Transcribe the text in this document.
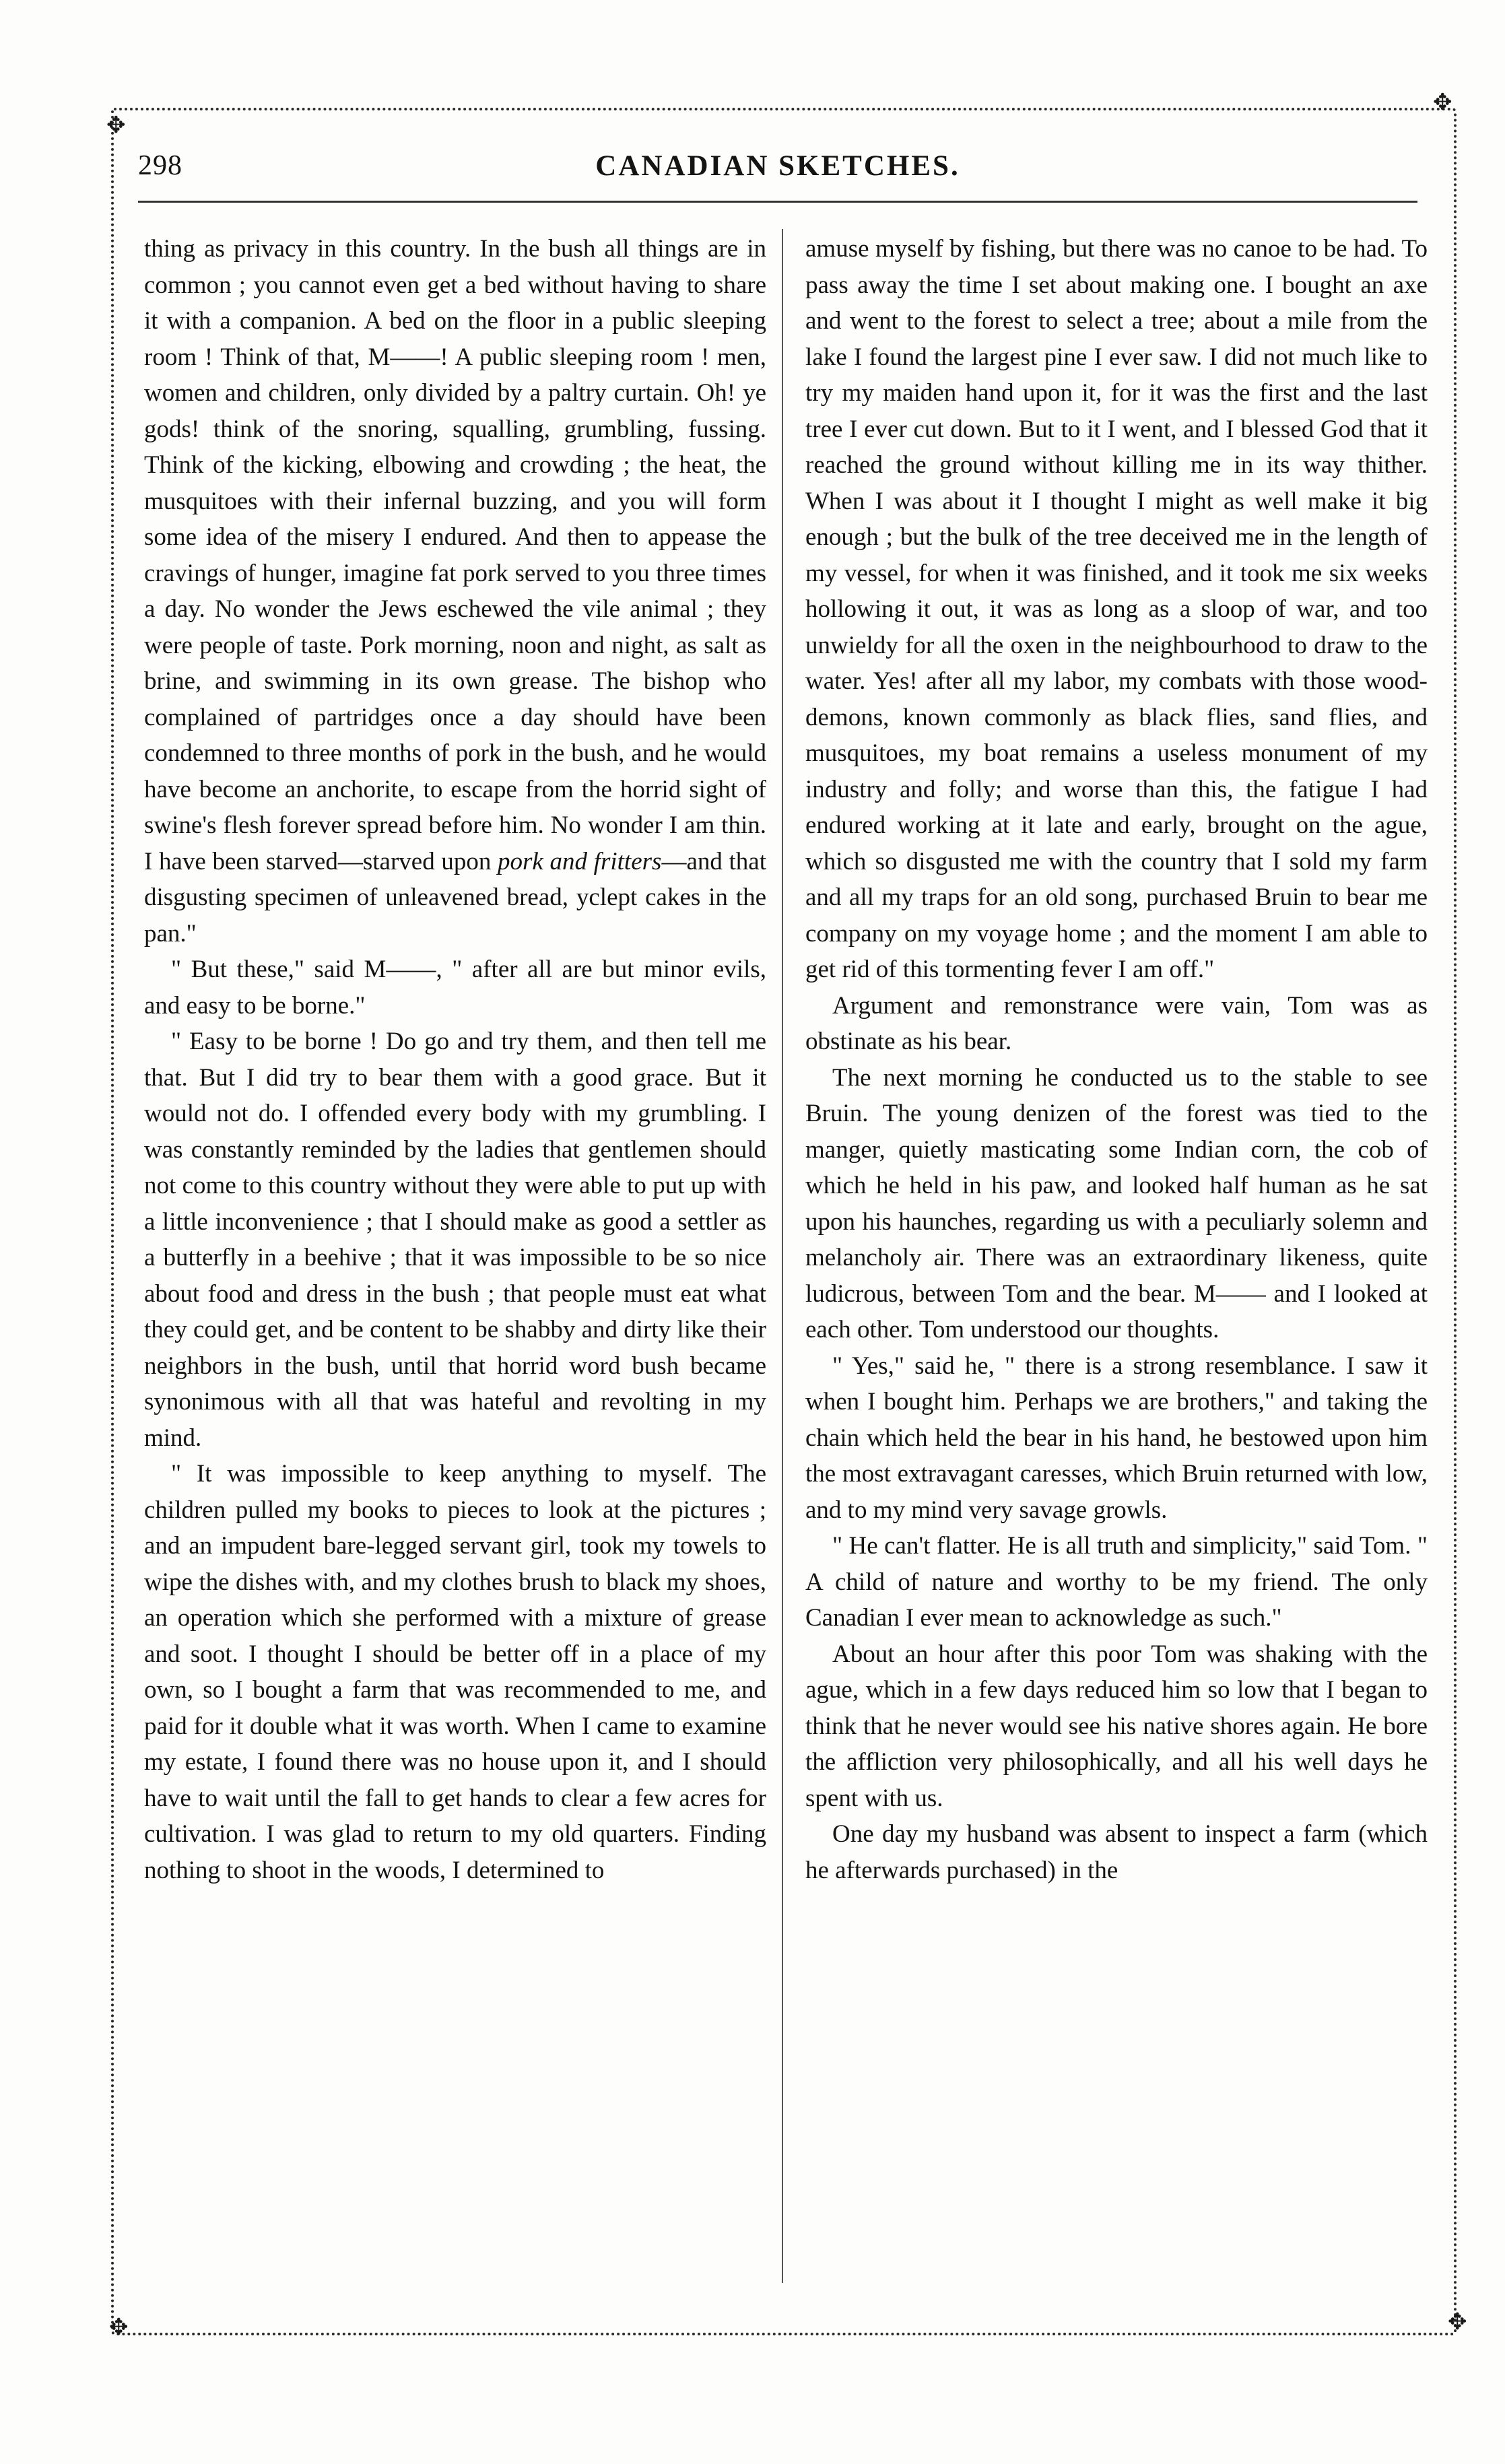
✥
✥
✥	✥
298	CANADIAN SKETCHES.

thing as privacy in this country. In the bush all things are in common ; you cannot even get a bed without having to share it with a companion. A bed on the floor in a public sleeping room ! Think of that, M——! A public sleeping room ! men, women and children, only divided by a paltry curtain. Oh! ye gods! think of the snoring, squalling, grumbling, fussing. Think of the kicking, elbowing and crowding ; the heat, the musquitoes with their infernal buzzing, and you will form some idea of the misery I endured. And then to appease the cravings of hunger, imagine fat pork served to you three times a day. No wonder the Jews eschewed the vile animal ; they were people of taste. Pork morning, noon and night, as salt as brine, and swimming in its own grease. The bishop who complained of partridges once a day should have been condemned to three months of pork in the bush, and he would have become an anchorite, to escape from the horrid sight of swine's flesh forever spread before him. No wonder I am thin. I have been starved—starved upon pork and fritters—and that disgusting specimen of unleavened bread, yclept cakes in the pan."

" But these," said M——, " after all are but minor evils, and easy to be borne."

" Easy to be borne ! Do go and try them, and then tell me that. But I did try to bear them with a good grace. But it would not do. I offended every body with my grumbling. I was constantly reminded by the ladies that gentlemen should not come to this country without they were able to put up with a little inconvenience ; that I should make as good a settler as a butterfly in a beehive ; that it was impossible to be so nice about food and dress in the bush ; that people must eat what they could get, and be content to be shabby and dirty like their neighbors in the bush, until that horrid word bush became synonimous with all that was hateful and revolting in my mind.

" It was impossible to keep anything to myself. The children pulled my books to pieces to look at the pictures ; and an impudent bare-legged servant girl, took my towels to wipe the dishes with, and my clothes brush to black my shoes, an operation which she performed with a mixture of grease and soot. I thought I should be better off in a place of my own, so I bought a farm that was recommended to me, and paid for it double what it was worth. When I came to examine my estate, I found there was no house upon it, and I should have to wait until the fall to get hands to clear a few acres for cultivation. I was glad to return to my old quarters. Finding nothing to shoot in the woods, I determined to

amuse myself by fishing, but there was no canoe to be had. To pass away the time I set about making one. I bought an axe and went to the forest to select a tree; about a mile from the lake I found the largest pine I ever saw. I did not much like to try my maiden hand upon it, for it was the first and the last tree I ever cut down. But to it I went, and I blessed God that it reached the ground without killing me in its way thither. When I was about it I thought I might as well make it big enough ; but the bulk of the tree deceived me in the length of my vessel, for when it was finished, and it took me six weeks hollowing it out, it was as long as a sloop of war, and too unwieldy for all the oxen in the neighbourhood to draw to the water. Yes! after all my labor, my combats with those wood-demons, known commonly as black flies, sand flies, and musquitoes, my boat remains a useless monument of my industry and folly; and worse than this, the fatigue I had endured working at it late and early, brought on the ague, which so disgusted me with the country that I sold my farm and all my traps for an old song, purchased Bruin to bear me company on my voyage home ; and the moment I am able to get rid of this tormenting fever I am off."

Argument and remonstrance were vain, Tom was as obstinate as his bear.

The next morning he conducted us to the stable to see Bruin. The young denizen of the forest was tied to the manger, quietly masticating some Indian corn, the cob of which he held in his paw, and looked half human as he sat upon his haunches, regarding us with a peculiarly solemn and melancholy air. There was an extraordinary likeness, quite ludicrous, between Tom and the bear. M—— and I looked at each other. Tom understood our thoughts.

" Yes," said he, " there is a strong resemblance. I saw it when I bought him. Perhaps we are brothers," and taking the chain which held the bear in his hand, he bestowed upon him the most extravagant caresses, which Bruin returned with low, and to my mind very savage growls.

" He can't flatter. He is all truth and simplicity," said Tom. " A child of nature and worthy to be my friend. The only Canadian I ever mean to acknowledge as such."

About an hour after this poor Tom was shaking with the ague, which in a few days reduced him so low that I began to think that he never would see his native shores again. He bore the affliction very philosophically, and all his well days he spent with us.

One day my husband was absent to inspect a farm (which he afterwards purchased) in the
